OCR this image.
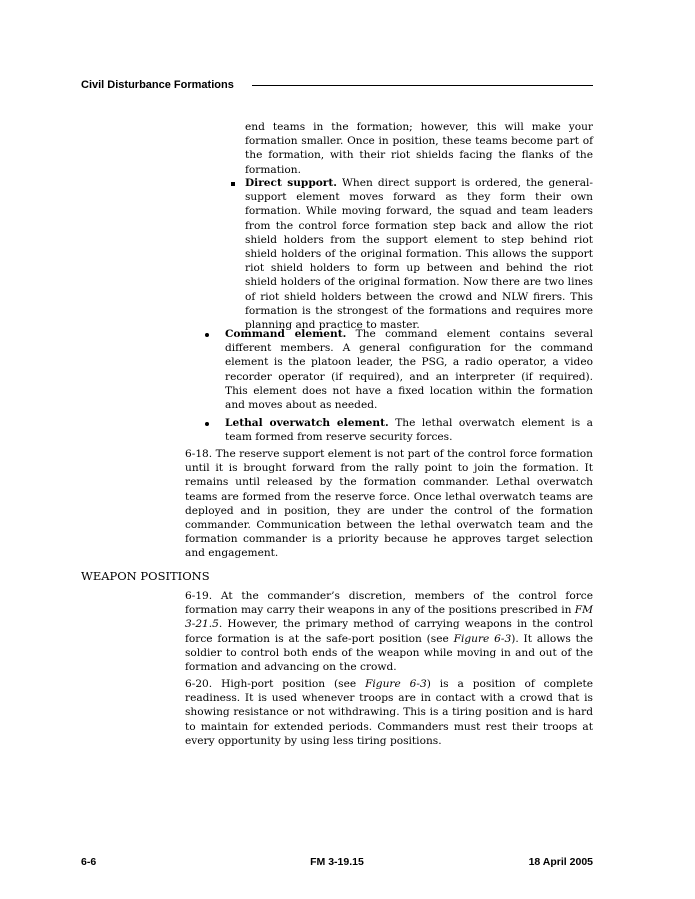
Civil Disturbance Formations

end teams in the formation; however, this will make your formation smaller. Once in position, these teams become part of the formation, with their riot shields facing the flanks of the formation.

Direct support. When direct support is ordered, the general-support element moves forward as they form their own formation. While moving forward, the squad and team leaders from the control force formation step back and allow the riot shield holders from the support element to step behind riot shield holders of the original formation. This allows the support riot shield holders to form up between and behind the riot shield holders of the original formation. Now there are two lines of riot shield holders between the crowd and NLW firers. This formation is the strongest of the formations and requires more planning and practice to master.
Command element. The command element contains several different members. A general configuration for the command element is the platoon leader, the PSG, a radio operator, a video recorder operator (if required), and an interpreter (if required). This element does not have a fixed location within the formation and moves about as needed.
Lethal overwatch element. The lethal overwatch element is a team formed from reserve security forces.

6-18. The reserve support element is not part of the control force formation until it is brought forward from the rally point to join the formation. It remains until released by the formation commander. Lethal overwatch teams are formed from the reserve force. Once lethal overwatch teams are deployed and in position, they are under the control of the formation commander. Communication between the lethal overwatch team and the formation commander is a priority because he approves target selection and engagement.

WEAPON POSITIONS

6-19. At the commander’s discretion, members of the control force formation may carry their weapons in any of the positions prescribed in FM 3-21.5. However, the primary method of carrying weapons in the control force formation is at the safe-port position (see Figure 6-3). It allows the soldier to control both ends of the weapon while moving in and out of the formation and advancing on the crowd.

6-20. High-port position (see Figure 6-3) is a position of complete readiness. It is used whenever troops are in contact with a crowd that is showing resistance or not withdrawing. This is a tiring position and is hard to maintain for extended periods. Commanders must rest their troops at every opportunity by using less tiring positions.

6-6	FM 3-19.15	18 April 2005
